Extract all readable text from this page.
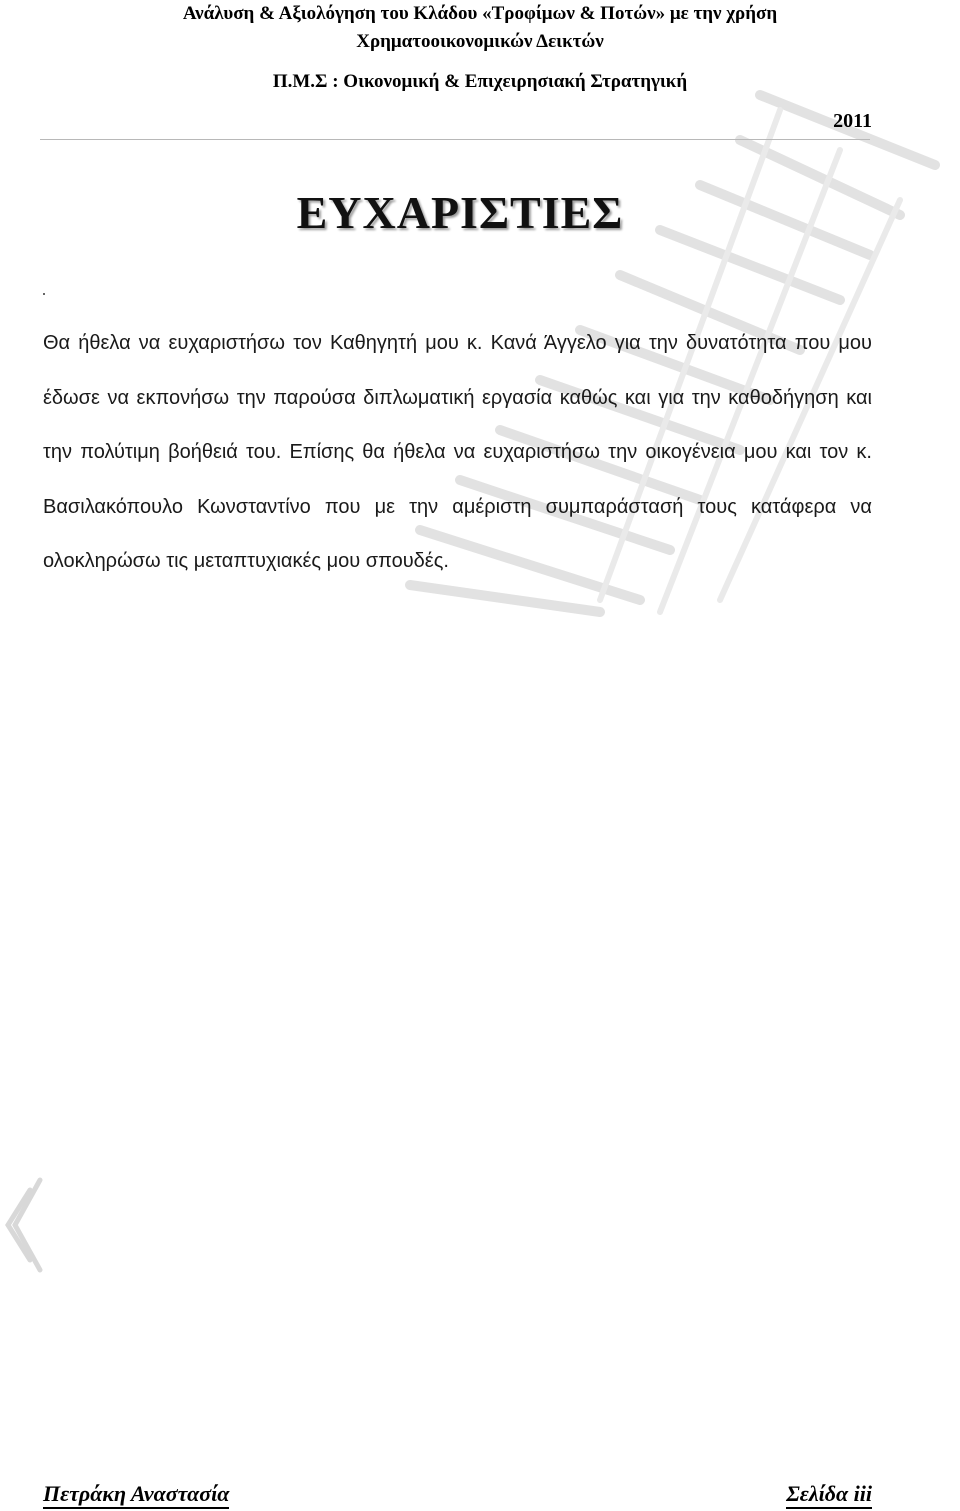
Ανάλυση & Αξιολόγηση του Κλάδου «Τροφίμων & Ποτών» με την χρήση
Χρηματοοικονομικών Δεικτών
Π.Μ.Σ : Οικονομική & Επιχειρησιακή Στρατηγική
2011
ΕΥΧΑΡΙΣΤΙΕΣ

Θα ήθελα να ευχαριστήσω τον Καθηγητή μου κ. Κανά Άγγελο για την δυνατότητα που μου έδωσε να εκπονήσω την παρούσα διπλωματική εργασία καθώς και για την καθοδήγηση και την πολύτιμη βοήθειά του. Επίσης θα ήθελα να ευχαριστήσω την οικογένεια μου και τον κ. Βασιλακόπουλο Κωνσταντίνο που με την αμέριστη συμπαράστασή τους κατάφερα να ολοκληρώσω τις μεταπτυχιακές μου σπουδές.

Πετράκη Αναστασία	Σελίδα iii
